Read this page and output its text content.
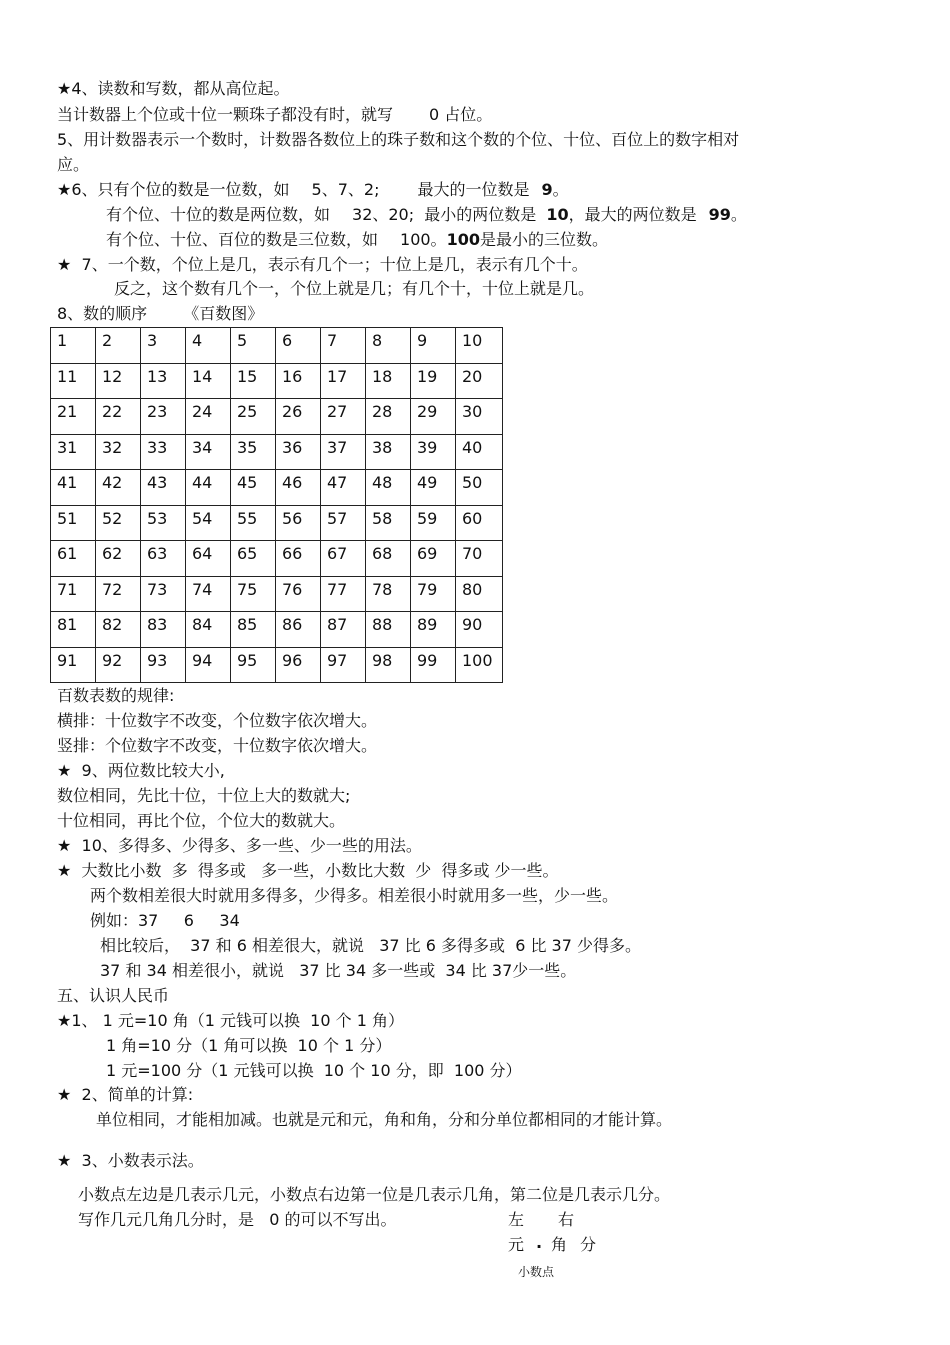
★4、读数和写数，都从高位起。
当计数器上个位或十位一颗珠子都没有时，就写 0 占位。
5、用计数器表示一个数时，计数器各数位上的珠子数和这个数的个位、十位、百位上的数字相对
应。
★6、只有个位的数是一位数，如 5、7、2; 最大的一位数是 9。
有个位、十位的数是两位数，如 32、20;  最小的两位数是 10，最大的两位数是 99。
有个位、十位、百位的数是三位数，如 100。100是最小的三位数。
★  7、一个数，个位上是几，表示有几个一；十位上是几，表示有几个十。
反之，这个数有几个一，个位上就是几；有几个十，十位上就是几。
8、数的顺序 《百数图》
1	2	3	4	5	6	7	8	9	10
11	12	13	14	15	16	17	18	19	20
21	22	23	24	25	26	27	28	29	30
31	32	33	34	35	36	37	38	39	40
41	42	43	44	45	46	47	48	49	50
51	52	53	54	55	56	57	58	59	60
61	62	63	64	65	66	67	68	69	70
71	72	73	74	75	76	77	78	79	80
81	82	83	84	85	86	87	88	89	90
91	92	93	94	95	96	97	98	99	100
百数表数的规律:
横排：十位数字不改变，个位数字依次增大。
竖排：个位数字不改变，十位数字依次增大。
★  9、两位数比较大小,
数位相同，先比十位，十位上大的数就大;
十位相同，再比个位，个位大的数就大。
★  10、多得多、少得多、多一些、少一些的用法。
★  大数比小数  多  得多或   多一些，小数比大数  少  得多或 少一些。
两个数相差很大时就用多得多，少得多。相差很小时就用多一些，少一些。
例如：37     6     34
相比较后，  37 和 6 相差很大，就说   37 比 6 多得多或  6 比 37 少得多。
37 和 34 相差很小，就说   37 比 34 多一些或  34 比 37少一些。
五、认识人民币
★1、 1 元=10 角（1 元钱可以换  10 个 1 角）
1 角=10 分（1 角可以换  10 个 1 分）
1 元=100 分（1 元钱可以换  10 个 10 分，即  100 分）
★  2、简单的计算:
单位相同，才能相加减。也就是元和元，角和角，分和分单位都相同的才能计算。
★  3、小数表示法。
小数点左边是几表示几元，小数点右边第一位是几表示几角，第二位是几表示几分。
写作几元几角几分时，是   0 的可以不写出。	左 右
元 . 角 分
小数点
